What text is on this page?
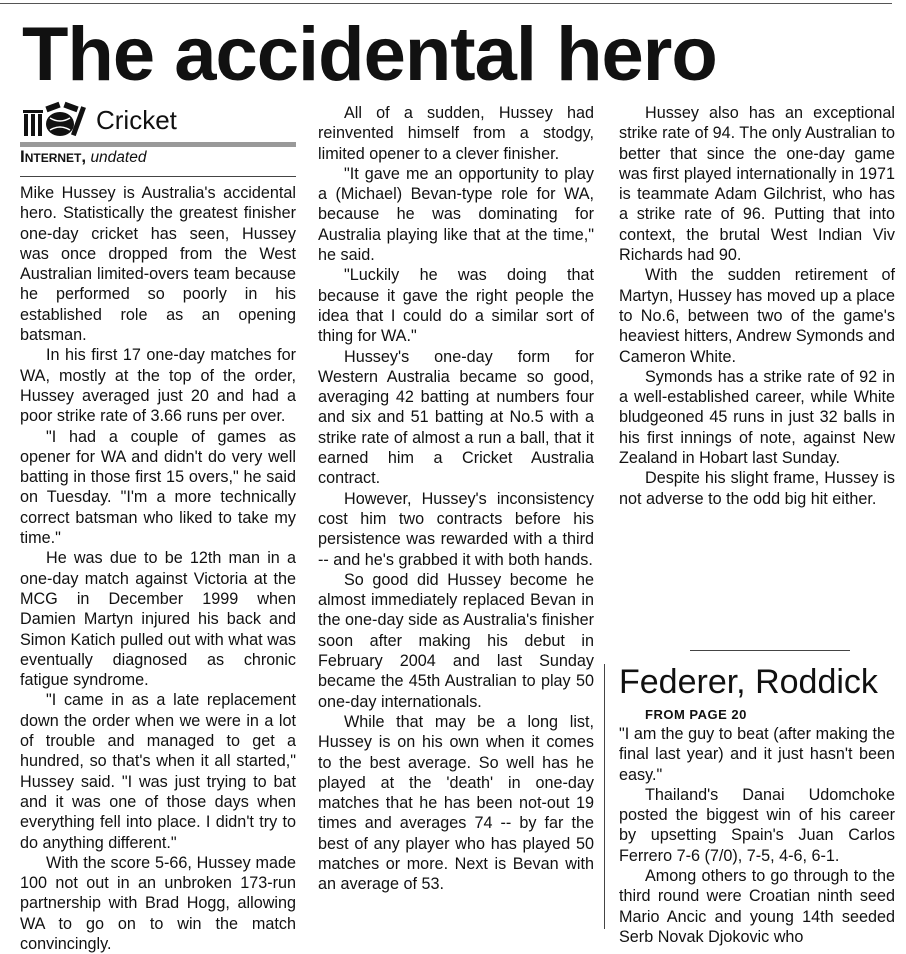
The accidental hero
Cricket

Internet, undated

Mike Hussey is Australia's accidental hero. Statistically the greatest finisher one-day cricket has seen, Hussey was once dropped from the West Australian limited-overs team because he performed so poorly in his established role as an opening batsman.

In his first 17 one-day matches for WA, mostly at the top of the order, Hussey averaged just 20 and had a poor strike rate of 3.66 runs per over.

"I had a couple of games as opener for WA and didn't do very well batting in those first 15 overs," he said on Tuesday. "I'm a more technically correct batsman who liked to take my time."

He was due to be 12th man in a one-day match against Victoria at the MCG in December 1999 when Damien Martyn injured his back and Simon Katich pulled out with what was eventually diagnosed as chronic fatigue syndrome.

"I came in as a late replacement down the order when we were in a lot of trouble and managed to get a hundred, so that's when it all started," Hussey said. "I was just trying to bat and it was one of those days when everything fell into place. I didn't try to do anything different."

With the score 5-66, Hussey made 100 not out in an unbroken 173-run partnership with Brad Hogg, allowing WA to go on to win the match convincingly.

All of a sudden, Hussey had reinvented himself from a stodgy, limited opener to a clever finisher.

"It gave me an opportunity to play a (Michael) Bevan-type role for WA, because he was dominating for Australia playing like that at the time," he said.

"Luckily he was doing that because it gave the right people the idea that I could do a similar sort of thing for WA."

Hussey's one-day form for Western Australia became so good, averaging 42 batting at numbers four and six and 51 batting at No.5 with a strike rate of almost a run a ball, that it earned him a Cricket Australia contract.

However, Hussey's inconsistency cost him two contracts before his persistence was rewarded with a third -- and he's grabbed it with both hands.

So good did Hussey become he almost immediately replaced Bevan in the one-day side as Australia's finisher soon after making his debut in February 2004 and last Sunday became the 45th Australian to play 50 one-day internationals.

While that may be a long list, Hussey is on his own when it comes to the best average. So well has he played at the 'death' in one-day matches that he has been not-out 19 times and averages 74 -- by far the best of any player who has played 50 matches or more. Next is Bevan with an average of 53.

Hussey also has an exceptional strike rate of 94. The only Australian to better that since the one-day game was first played internationally in 1971 is teammate Adam Gilchrist, who has a strike rate of 96. Putting that into context, the brutal West Indian Viv Richards had 90.

With the sudden retirement of Martyn, Hussey has moved up a place to No.6, between two of the game's heaviest hitters, Andrew Symonds and Cameron White.

Symonds has a strike rate of 92 in a well-established career, while White bludgeoned 45 runs in just 32 balls in his first innings of note, against New Zealand in Hobart last Sunday.

Despite his slight frame, Hussey is not adverse to the odd big hit either.

Federer, Roddick

FROM PAGE 20

"I am the guy to beat (after making the final last year) and it just hasn't been easy."

Thailand's Danai Udomchoke posted the biggest win of his career by upsetting Spain's Juan Carlos Ferrero 7-6 (7/0), 7-5, 4-6, 6-1.

Among others to go through to the third round were Croatian ninth seed Mario Ancic and young 14th seeded Serb Novak Djokovic who
